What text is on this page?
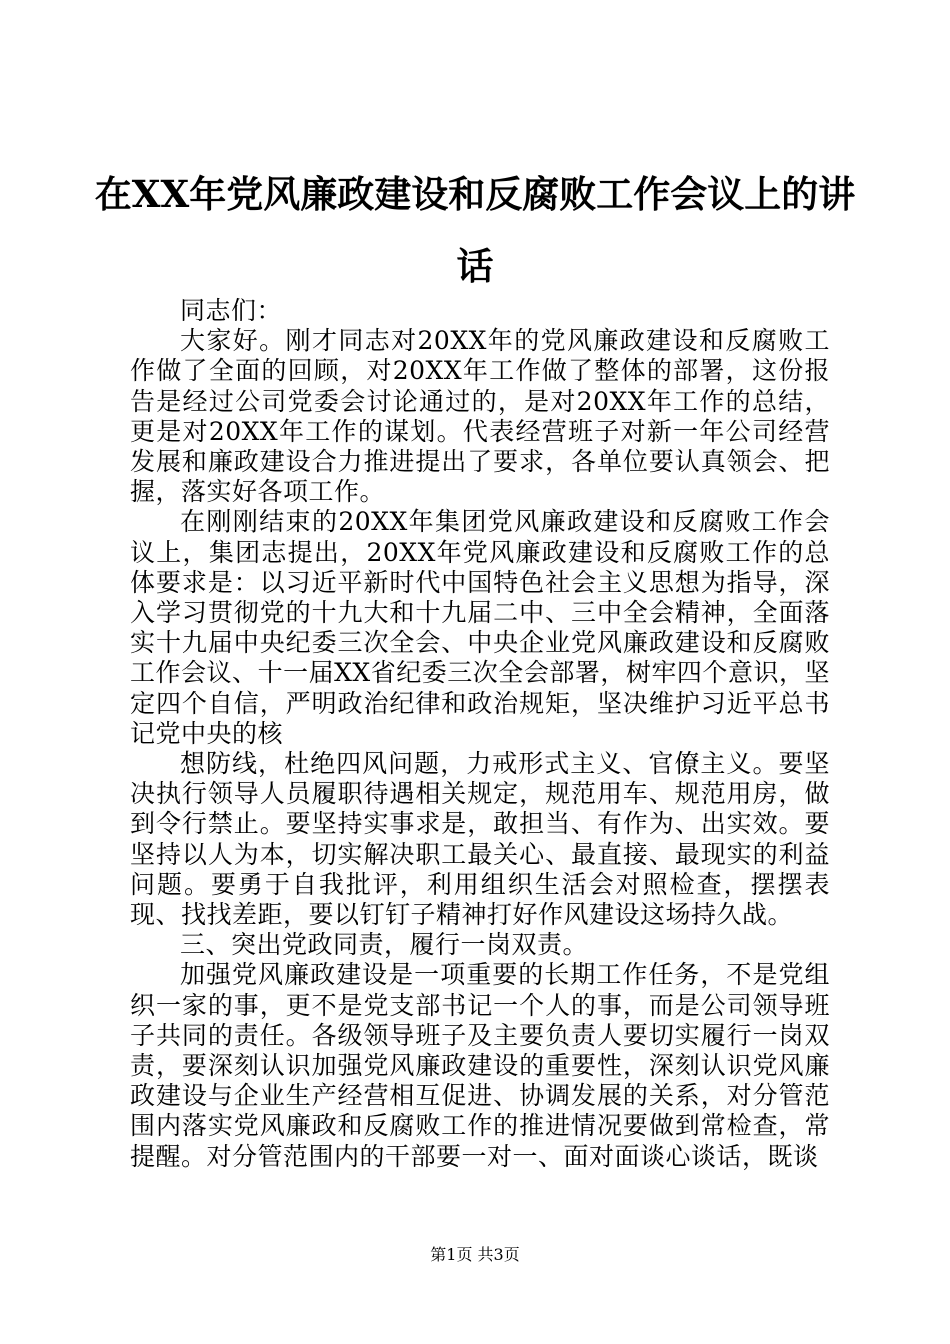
在XX年党风廉政建设和反腐败工作会议上的讲话

同志们：

大家好。刚才同志对20XX年的党风廉政建设和反腐败工作做了全面的回顾，对20XX年工作做了整体的部署，这份报告是经过公司党委会讨论通过的，是对20XX年工作的总结，更是对20XX年工作的谋划。代表经营班子对新一年公司经营发展和廉政建设合力推进提出了要求，各单位要认真领会、把握，落实好各项工作。

在刚刚结束的20XX年集团党风廉政建设和反腐败工作会议上，集团志提出，20XX年党风廉政建设和反腐败工作的总体要求是：以习近平新时代中国特色社会主义思想为指导，深入学习贯彻党的十九大和十九届二中、三中全会精神，全面落实十九届中央纪委三次全会、中央企业党风廉政建设和反腐败工作会议、十一届XX省纪委三次全会部署，树牢四个意识，坚定四个自信，严明政治纪律和政治规矩，坚决维护习近平总书记党中央的核

想防线，杜绝四风问题，力戒形式主义、官僚主义。要坚决执行领导人员履职待遇相关规定，规范用车、规范用房，做到令行禁止。要坚持实事求是，敢担当、有作为、出实效。要坚持以人为本，切实解决职工最关心、最直接、最现实的利益问题。要勇于自我批评，利用组织生活会对照检查，摆摆表现、找找差距，要以钉钉子精神打好作风建设这场持久战。

三、突出党政同责，履行一岗双责。

加强党风廉政建设是一项重要的长期工作任务，不是党组织一家的事，更不是党支部书记一个人的事，而是公司领导班子共同的责任。各级领导班子及主要负责人要切实履行一岗双责，要深刻认识加强党风廉政建设的重要性，深刻认识党风廉政建设与企业生产经营相互促进、协调发展的关系，对分管范围内落实党风廉政和反腐败工作的推进情况要做到常检查，常提醒。对分管范围内的干部要一对一、面对面谈心谈话，既谈

第1页 共3页
